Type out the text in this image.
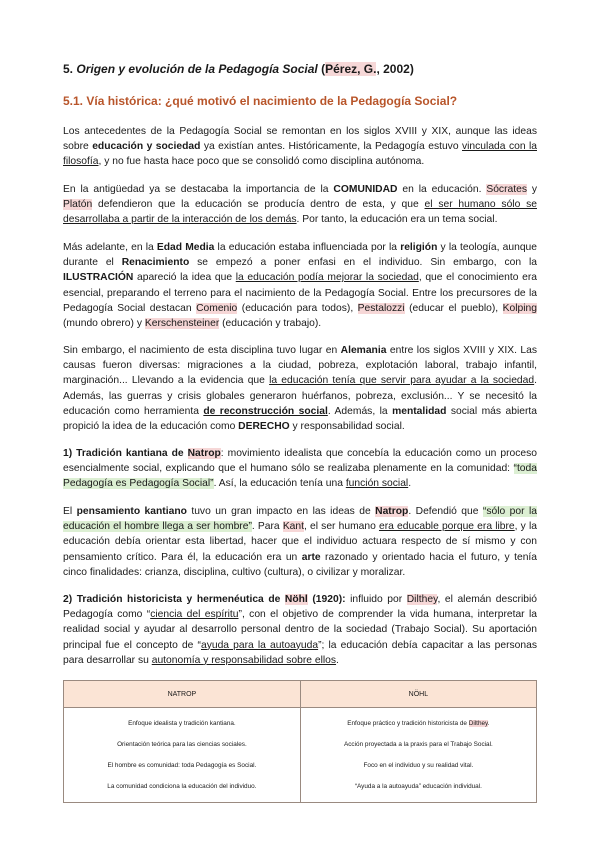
5. Origen y evolución de la Pedagogía Social (Pérez, G., 2002)
5.1. Vía histórica: ¿qué motivó el nacimiento de la Pedagogía Social?
Los antecedentes de la Pedagogía Social se remontan en los siglos XVIII y XIX, aunque las ideas sobre educación y sociedad ya existían antes. Históricamente, la Pedagogía estuvo vinculada con la filosofía, y no fue hasta hace poco que se consolidó como disciplina autónoma.
En la antigüedad ya se destacaba la importancia de la COMUNIDAD en la educación. Sócrates y Platón defendieron que la educación se producía dentro de esta, y que el ser humano sólo se desarrollaba a partir de la interacción de los demás. Por tanto, la educación era un tema social.
Más adelante, en la Edad Media la educación estaba influenciada por la religión y la teología, aunque durante el Renacimiento se empezó a poner enfasi en el individuo. Sin embargo, con la ILUSTRACIÓN apareció la idea que la educación podía mejorar la sociedad, que el conocimiento era esencial, preparando el terreno para el nacimiento de la Pedagogía Social. Entre los precursores de la Pedagogía Social destacan Comenio (educación para todos), Pestalozzi (educar el pueblo), Kolping (mundo obrero) y Kerschensteiner (educación y trabajo).
Sin embargo, el nacimiento de esta disciplina tuvo lugar en Alemania entre los siglos XVIII y XIX. Las causas fueron diversas: migraciones a la ciudad, pobreza, explotación laboral, trabajo infantil, marginación... Llevando a la evidencia que la educación tenía que servir para ayudar a la sociedad. Además, las guerras y crisis globales generaron huérfanos, pobreza, exclusión... Y se necesitó la educación como herramienta de reconstrucción social. Además, la mentalidad social más abierta propició la idea de la educación como DERECHO y responsabilidad social.
1) Tradición kantiana de Natrop: movimiento idealista que concebía la educación como un proceso esencialmente social, explicando que el humano sólo se realizaba plenamente en la comunidad: “toda Pedagogía es Pedagogía Social”. Así, la educación tenía una función social.
El pensamiento kantiano tuvo un gran impacto en las ideas de Natrop. Defendió que “sólo por la educación el hombre llega a ser hombre”. Para Kant, el ser humano era educable porque era libre, y la educación debía orientar esta libertad, hacer que el individuo actuara respecto de sí mismo y con pensamiento crítico. Para él, la educación era un arte razonado y orientado hacia el futuro, y tenía cinco finalidades: crianza, disciplina, cultivo (cultura), o civilizar y moralizar.
2) Tradición historicista y hermenéutica de Nöhl (1920): influido por Dilthey, el alemán describió Pedagogía como “ciencia del espíritu”, con el objetivo de comprender la vida humana, interpretar la realidad social y ayudar al desarrollo personal dentro de la sociedad (Trabajo Social). Su aportación principal fue el concepto de “ayuda para la autoayuda”; la educación debía capacitar a las personas para desarrollar su autonomía y responsabilidad sobre ellos.
NATROP	NÖHL
Enfoque idealista y tradición kantiana.	Enfoque práctico y tradición historicista de Dilthey.
Orientación teórica para las ciencias sociales.	Acción proyectada a la praxis para el Trabajo Social.
El hombre es comunidad: toda Pedagogía es Social.	Foco en el individuo y su realidad vital.
La comunidad condiciona la educación del individuo.	“Ayuda a la autoayuda” educación individual.
